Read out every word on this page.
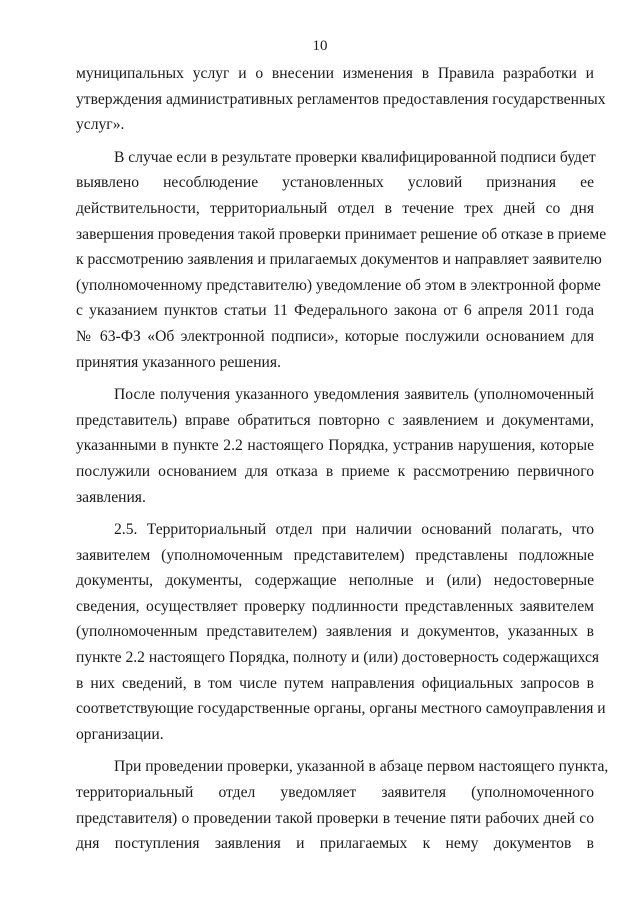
10
муниципальных услуг и о внесении изменения в Правила разработки и
утверждения административных регламентов предоставления государственных
услуг».
В случае если в результате проверки квалифицированной подписи будет
выявлено несоблюдение установленных условий признания ее
действительности, территориальный отдел в течение трех дней со дня
завершения проведения такой проверки принимает решение об отказе в приеме
к рассмотрению заявления и прилагаемых документов и направляет заявителю
(уполномоченному представителю) уведомление об этом в электронной форме
с указанием пунктов статьи 11 Федерального закона от 6 апреля 2011 года
№ 63-ФЗ «Об электронной подписи», которые послужили основанием для
принятия указанного решения.
После получения указанного уведомления заявитель (уполномоченный
представитель) вправе обратиться повторно с заявлением и документами,
указанными в пункте 2.2 настоящего Порядка, устранив нарушения, которые
послужили основанием для отказа в приеме к рассмотрению первичного
заявления.
2.5. Территориальный отдел при наличии оснований полагать, что
заявителем (уполномоченным представителем) представлены подложные
документы, документы, содержащие неполные и (или) недостоверные
сведения, осуществляет проверку подлинности представленных заявителем
(уполномоченным представителем) заявления и документов, указанных в
пункте 2.2 настоящего Порядка, полноту и (или) достоверность содержащихся
в них сведений, в том числе путем направления официальных запросов в
соответствующие государственные органы, органы местного самоуправления и
организации.
При проведении проверки, указанной в абзаце первом настоящего пункта,
территориальный отдел уведомляет заявителя (уполномоченного
представителя) о проведении такой проверки в течение пяти рабочих дней со
дня поступления заявления и прилагаемых к нему документов в
